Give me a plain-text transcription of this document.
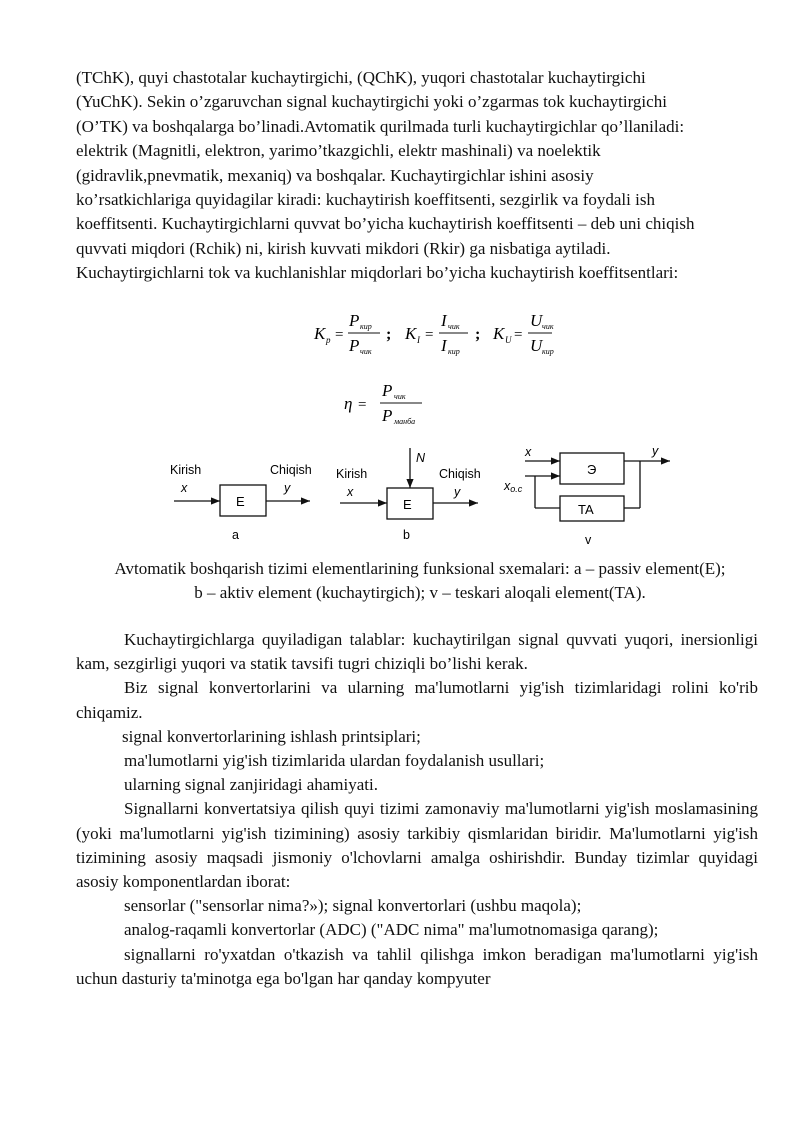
(TChK), quyi chastotalar kuchaytirgichi, (QChK), yuqori chastotalar kuchaytirgichi

(YuChK). Sekin o’zgaruvchan signal kuchaytirgichi yoki o’zgarmas tok kuchaytirgichi

(O’TK) va boshqalarga bo’linadi.Avtomatik qurilmada turli kuchaytirgichlar qo’llaniladi:

elektrik (Magnitli, elektron, yarimo’tkazgichli, elektr mashinali) va noelektik

(gidravlik,pnevmatik, mexaniq) va boshqalar. Kuchaytirgichlar ishini asosiy

ko’rsatkichlariga quyidagilar kiradi: kuchaytirish koeffitsenti, sezgirlik va foydali ish

koeffitsenti. Kuchaytirgichlarni quvvat bo’yicha kuchaytirish koeffitsenti – deb uni chiqish

quvvati miqdori (Rchik) ni, kirish kuvvati mikdori (Rkir) ga nisbatiga aytiladi.

Kuchaytirgichlarni tok va kuchlanishlar miqdorlari bo’yicha kuchaytirish koeffitsentlari:

K p =
P кир
P чик
; K I =
I чик
I кир
; K U =
U чик
U кир
η =
P чик
P манба
Kirish	Chiqish
x	y
E
a
Kirish	Chiqish
x	y
N
E
b
x	y
xo.c
Э
TA
v
Avtomatik boshqarish tizimi elementlarining funksional sxemalari: a – passiv element(E);
b – aktiv element (kuchaytirgich); v – teskari aloqali element(TA).

Kuchaytirgichlarga quyiladigan talablar: kuchaytirilgan signal quvvati yuqori, inersionligi kam, sezgirligi yuqori va statik tavsifi tugri chiziqli bo’lishi kerak.

Biz signal konvertorlarini va ularning ma'lumotlarni yig'ish tizimlaridagi rolini ko'rib chiqamiz.

signal konvertorlarining ishlash printsiplari;

ma'lumotlarni yig'ish tizimlarida ulardan foydalanish usullari;

ularning signal zanjiridagi ahamiyati.

Signallarni konvertatsiya qilish quyi tizimi zamonaviy ma'lumotlarni yig'ish moslamasining (yoki ma'lumotlarni yig'ish tizimining) asosiy tarkibiy qismlaridan biridir. Ma'lumotlarni yig'ish tizimining asosiy maqsadi jismoniy o'lchovlarni amalga oshirishdir. Bunday tizimlar quyidagi asosiy komponentlardan iborat:

sensorlar ("sensorlar nima?»); signal konvertorlari (ushbu maqola);

analog-raqamli konvertorlar (ADC) ("ADC nima" ma'lumotnomasiga qarang);

signallarni ro'yxatdan o'tkazish va tahlil qilishga imkon beradigan ma'lumotlarni yig'ish uchun dasturiy ta'minotga ega bo'lgan har qanday kompyuter
